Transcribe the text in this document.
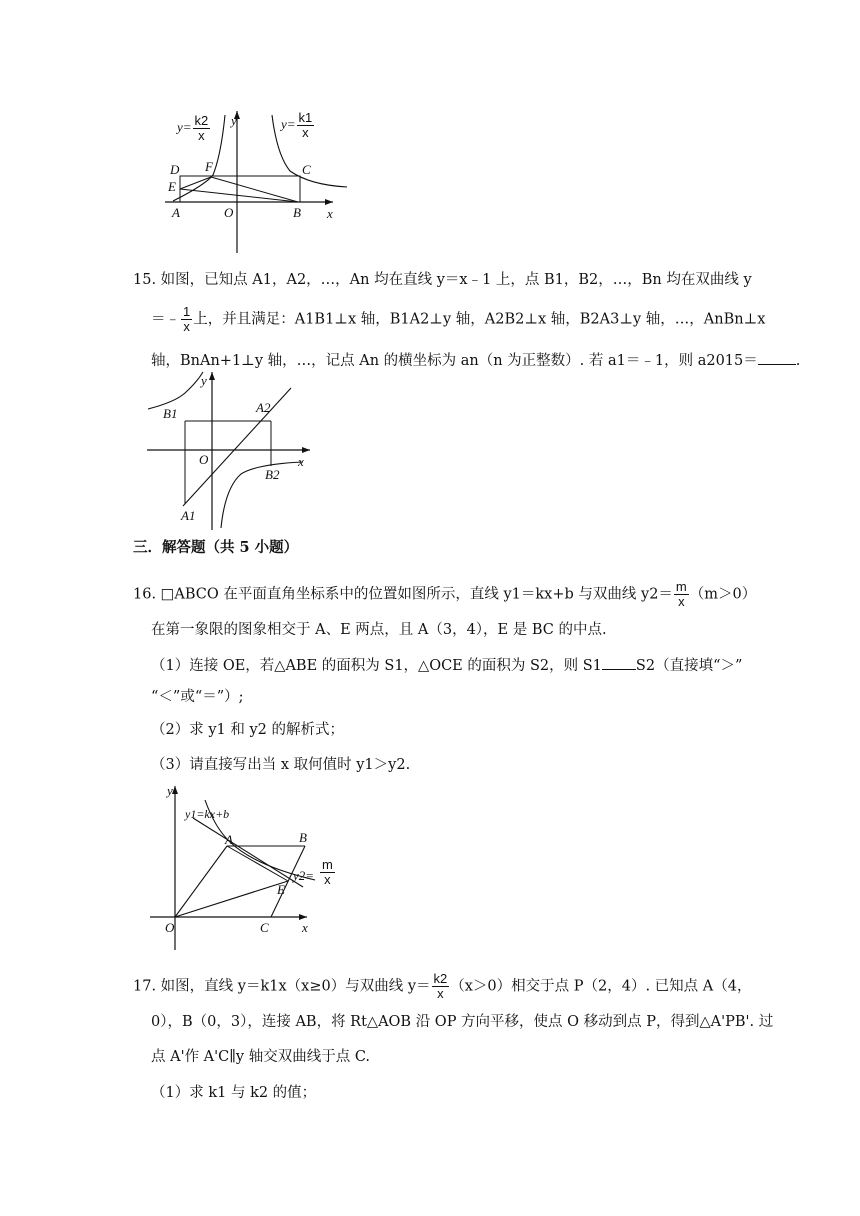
y
x
D
E
F	C
A	O	B
$y= \frac{k2}{x}$	$y= \frac{k1}{x}$
15. 如图，已知点 A1，A2，…，An 均在直线 y＝x﹣1 上，点 B1，B2，…，Bn 均在双曲线 y
＝﹣ $\frac{1}{x}$ 上，并且满足：A1B1⊥x 轴，B1A2⊥y 轴，A2B2⊥x 轴，B2A3⊥y 轴，…，AnBn⊥x
轴，BnAn+1⊥y 轴，…，记点 An 的横坐标为 an（n 为正整数）. 若 a1＝﹣1，则 a2015＝	.
y
x
O
B1	A2
B2
A1
三．解答题（共 5 小题）
16. □ABCO 在平面直角坐标系中的位置如图所示，直线 y1＝kx+b 与双曲线 $y2= \frac{m}{x} (m>0)$
在第一象限的图象相交于 A、E 两点，且 A（3，4），E 是 BC 的中点.
（1）连接 OE，若△ABE 的面积为 S1，△OCE 的面积为 S2，则 S1 S2（直接填“＞”
“＜”或“＝”）;
（2）求 y1 和 y2 的解析式；
（3）请直接写出当 x 取何值时 y1＞y2.
y
y1=kx+b
A	B
y2=
E
O	C	x
$\frac{m}{x}$
17. 如图，直线 y＝k1x（x≥0）与双曲线 $y= \frac{k2}{x} (x>0)$相交于点 P（2，4）. 已知点 A（4，
0），B（0，3），连接 AB，将 Rt△AOB 沿 OP 方向平移，使点 O 移动到点 P，得到△A'PB'. 过
点 A'作 A'C∥y 轴交双曲线于点 C.
（1）求 k1 与 k2 的值；
